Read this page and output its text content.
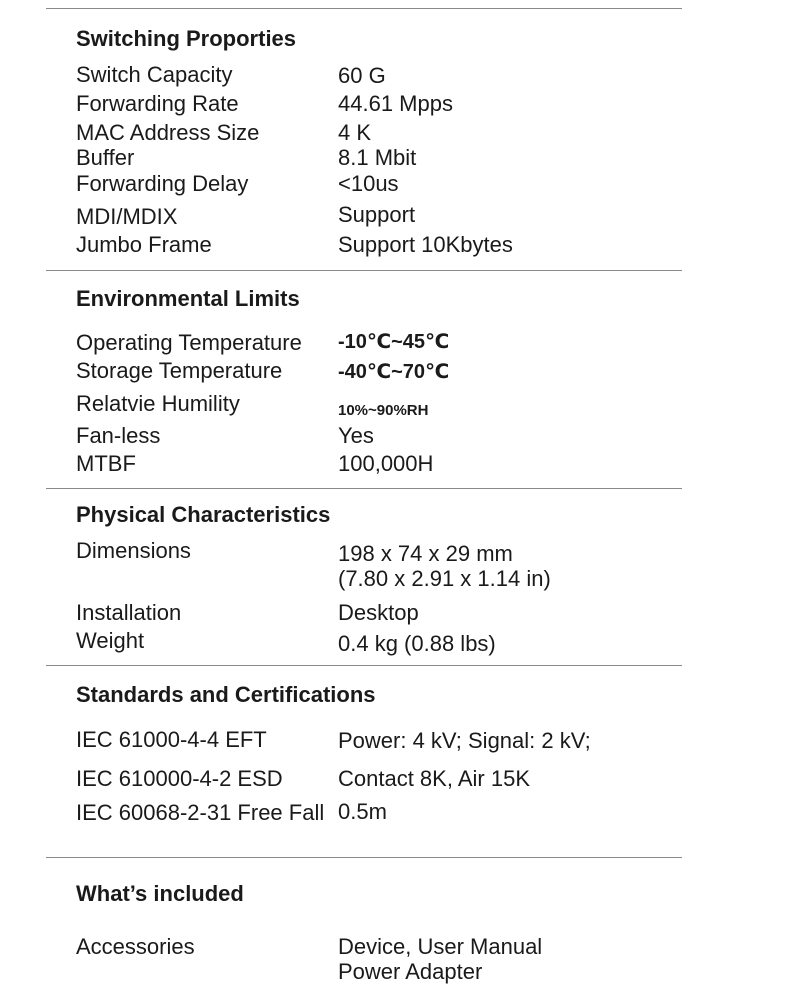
Switching Proporties
Switch Capacity	60 G
Forwarding Rate	44.61 Mpps
MAC Address Size	4 K
Buffer	8.1 Mbit
Forwarding Delay	<10us
MDI/MDIX	Support
Jumbo Frame	Support 10Kbytes
Environmental Limits
Operating Temperature -10℃~45℃
Storage Temperature	-40℃~70℃
Relatvie Humility	10%~90%RH
Fan-less	Yes
MTBF	100,000H
Physical Characteristics
Dimensions	198 x 74 x 29 mm
(7.80 x 2.91 x 1.14 in)
Installation	Desktop
Weight	0.4 kg (0.88 lbs)
Standards and Certifications
IEC 61000-4-4 EFT	Power: 4 kV; Signal: 2 kV;
IEC 610000-4-2 ESD	Contact 8K, Air 15K
IEC 60068-2-31 Free Fall 0.5m
What’s included
Accessories	Device, User Manual
Power Adapter
